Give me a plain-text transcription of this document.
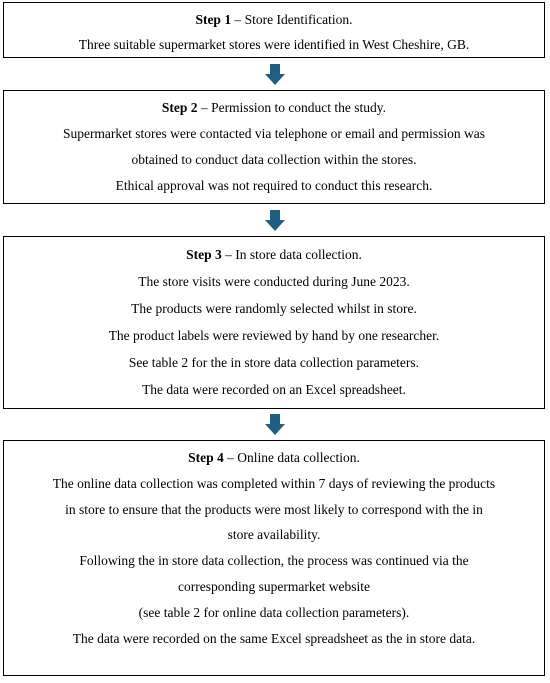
Step 1 – Store Identification.

Three suitable supermarket stores were identified in West Cheshire, GB.

Step 2 – Permission to conduct the study.

Supermarket stores were contacted via telephone or email and permission was

obtained to conduct data collection within the stores.

Ethical approval was not required to conduct this research.

Step 3 – In store data collection.

The store visits were conducted during June 2023.

The products were randomly selected whilst in store.

The product labels were reviewed by hand by one researcher.

See table 2 for the in store data collection parameters.

The data were recorded on an Excel spreadsheet.

Step 4 – Online data collection.

The online data collection was completed within 7 days of reviewing the products

in store to ensure that the products were most likely to correspond with the in

store availability.

Following the in store data collection, the process was continued via the

corresponding supermarket website

(see table 2 for online data collection parameters).

The data were recorded on the same Excel spreadsheet as the in store data.
